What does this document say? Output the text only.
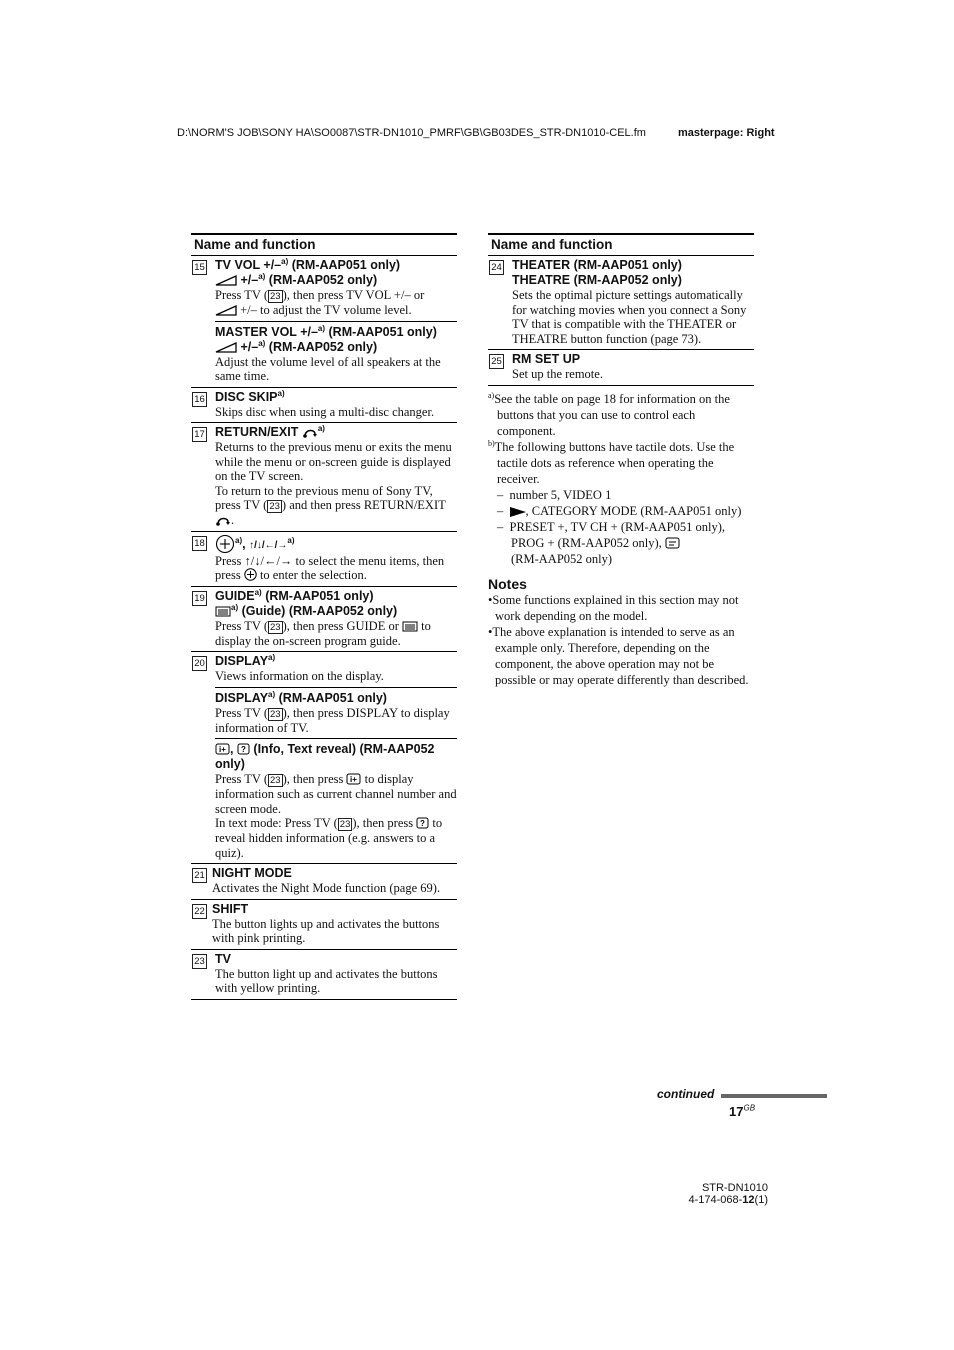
D:\NORM'S JOB\SONY HA\SO0087\STR-DN1010_PMRF\GB\GB03DES_STR-DN1010-CEL.fm	masterpage: Right
Name and function
15 TV VOL +/–$^{a)}$ (RM-AAP051 only)
+/–$^{a)}$ (RM-AAP052 only)
Press TV ( 23 ), then press TV VOL +/– or
+/– to adjust the TV volume level.
MASTER VOL +/–$^{a)}$ (RM-AAP051 only)
+/–$^{a)}$ (RM-AAP052 only)
Adjust the volume level of all speakers at the same time.
16 DISC SKIP$^{a)}$
Skips disc when using a multi-disc changer.
17 RETURN/EXIT $^{a)}$
Returns to the previous menu or exits the menu while the menu or on-screen guide is displayed on the TV screen.
To return to the previous menu of Sony TV, press TV ( 23 ) and then press RETURN/EXIT
.
18	$^{a)}$, ↑/↓/←/→$^{a)}$
Press ↑/↓/←/→ to select the menu items, then press  to enter the selection.
19 GUIDE$^{a)}$ (RM-AAP051 only)
$^{a)}$ (Guide) (RM-AAP052 only)
Press TV ( 23 ), then press GUIDE or  to display the on-screen program guide.
20 DISPLAY$^{a)}$
Views information on the display.
DISPLAY$^{a)}$ (RM-AAP051 only)
Press TV ( 23 ), then press DISPLAY to display information of TV.
i+ , ? (Info, Text reveal) (RM-AAP052 only)
Press TV ( 23 ), then press i+ to display information such as current channel number and screen mode.
In text mode: Press TV ( 23 ), then press ? to reveal hidden information (e.g. answers to a quiz).
21 NIGHT MODE
Activates the Night Mode function (page 69).
22 SHIFT
The button lights up and activates the buttons with pink printing.
23 TV
The button light up and activates the buttons with yellow printing.
Name and function
24 THEATER (RM-AAP051 only)
THEATRE (RM-AAP052 only)
Sets the optimal picture settings automatically for watching movies when you connect a Sony TV that is compatible with the THEATER or THEATRE button function (page 73).
25 RM SET UP
Set up the remote.
$^{a)}$See the table on page 18 for information on the buttons that you can use to control each component.
$^{b)}$The following buttons have tactile dots. Use the tactile dots as reference when operating the receiver.
–  number 5, VIDEO 1
–  , CATEGORY MODE (RM-AAP051 only)
–  PRESET +, TV CH + (RM-AAP051 only), PROG + (RM-AAP052 only),
(RM-AAP052 only)
Notes
•Some functions explained in this section may not work depending on the model.
•The above explanation is intended to serve as an example only. Therefore, depending on the component, the above operation may not be possible or may operate differently than described.
continued
$17^{GB}$
STR-DN1010
4-174-068-12(1)
